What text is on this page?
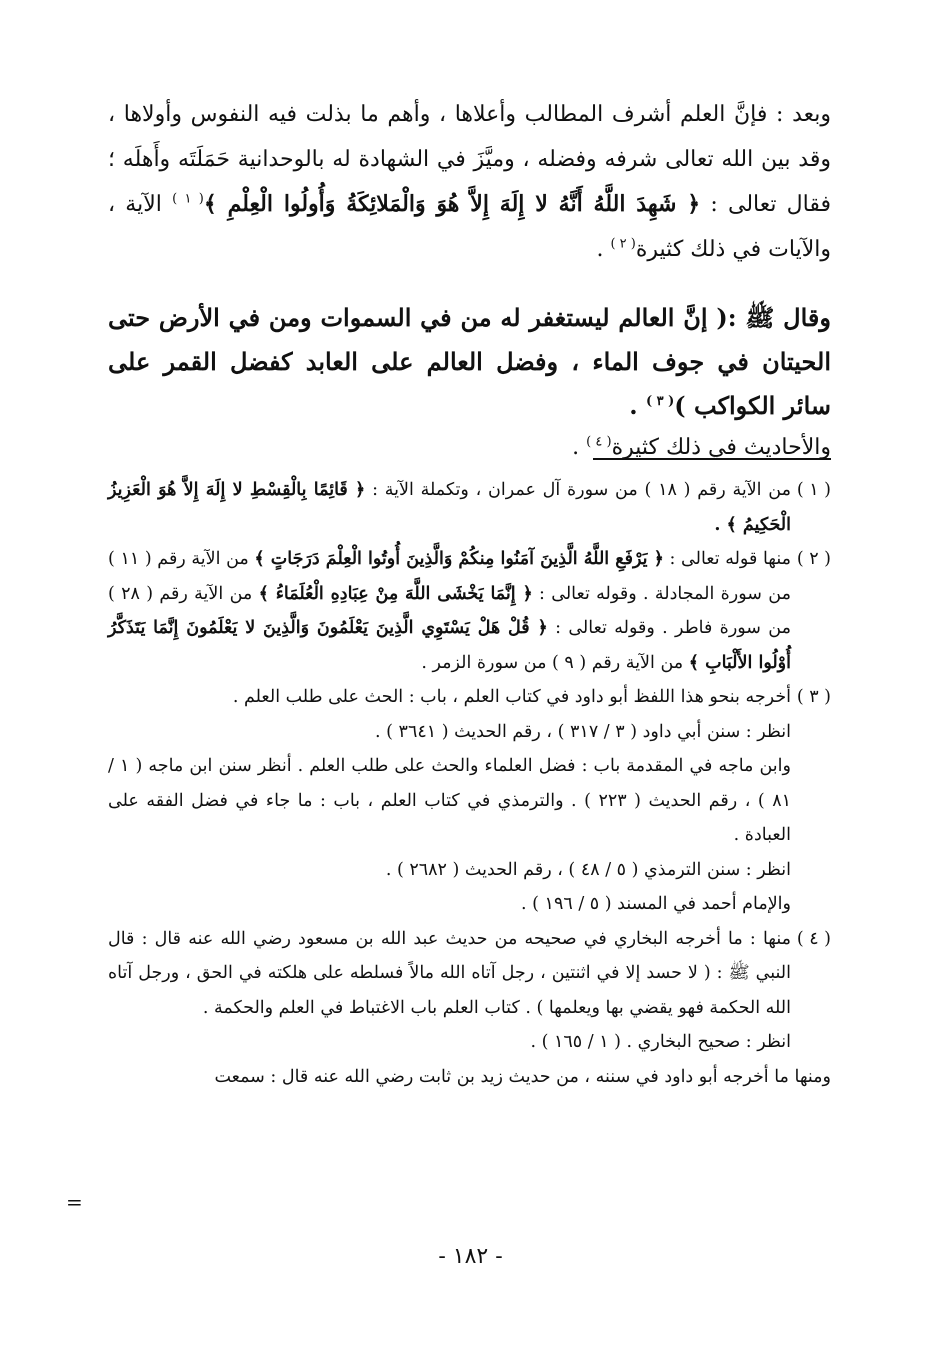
وبعد : فإنَّ العلم أشرف المطالب وأعلاها ، وأهم ما بذلت فيه النفوس وأولاها ، وقد بين الله تعالى شرفه وفضله ، وميَّزَ في الشهادة له بالوحدانية حَمَلَتَه وأَهلَه ؛ فقال تعالى : ﴿ شَهِدَ اللَّهُ أَنَّهُ لا إِلَهَ إِلاَّ هُوَ وَالْمَلائِكَةُ وَأُولُوا الْعِلْمِ ﴾$^{( ١ )}$ الآية ، والآيات في ذلك كثيرة$^{( ٢ )}$ .

وقال ﷺ :( إنَّ العالم ليستغفر له من في السموات ومن في الأرض حتى الحيتان في جوف الماء ، وفضل العالم على العابد كفضل القمر على سائر الكواكب )$^{( ٣ )}$ .

والأحاديث في ذلك كثيرة$^{( ٤ )}$ .

( ١ )

من الآية رقم ( ١٨ ) من سورة آل عمران ، وتكملة الآية : ﴿ قَائِمًا بِالْقِسْطِ لا إِلَهَ إِلاَّ هُوَ الْعَزِيزُ الْحَكِيمُ ﴾ .

( ٢ )

منها قوله تعالى : ﴿ يَرْفَعِ اللَّهُ الَّذِينَ آمَنُوا مِنكُمْ وَالَّذِينَ أُوتُوا الْعِلْمَ دَرَجَاتٍ ﴾ من الآية رقم ( ١١ ) من سورة المجادلة . وقوله تعالى : ﴿ إِنَّمَا يَخْشَى اللَّهَ مِنْ عِبَادِهِ الْعُلَمَاءُ ﴾ من الآية رقم ( ٢٨ ) من سورة فاطر . وقوله تعالى : ﴿ قُلْ هَلْ يَسْتَوِي الَّذِينَ يَعْلَمُونَ وَالَّذِينَ لا يَعْلَمُونَ إِنَّمَا يَتَذَكَّرُ أُوْلُوا الأَلْبَابِ ﴾ من الآية رقم ( ٩ ) من سورة الزمر .

( ٣ )

أخرجه بنحو هذا اللفظ أبو داود في كتاب العلم ، باب : الحث على طلب العلم .

انظر : سنن أبي داود ( ٣ / ٣١٧ ) ، رقم الحديث ( ٣٦٤١ ) .

وابن ماجه في المقدمة باب : فضل العلماء والحث على طلب العلم . أنظر سنن ابن ماجه ( ١ / ٨١ ) ، رقم الحديث ( ٢٢٣ ) . والترمذي في كتاب العلم ، باب : ما جاء في فضل الفقه على العبادة .

انظر : سنن الترمذي ( ٥ / ٤٨ ) ، رقم الحديث ( ٢٦٨٢ ) .

والإمام أحمد في المسند ( ٥ / ١٩٦ ) .

( ٤ )

منها : ما أخرجه البخاري في صحيحه من حديث عبد الله بن مسعود رضي الله عنه قال : قال النبي ﷺ : ( لا حسد إلا في اثنتين ، رجل آتاه الله مالاً فسلطه على هلكته في الحق ، ورجل آتاه الله الحكمة فهو يقضي بها ويعلمها ) . كتاب العلم باب الاغتباط في العلم والحكمة .

انظر : صحيح البخاري . ( ١ / ١٦٥ ) .

ومنها ما أخرجه أبو داود في سننه ، من حديث زيد بن ثابت رضي الله عنه قال : سمعت

=
- ١٨٢ -
